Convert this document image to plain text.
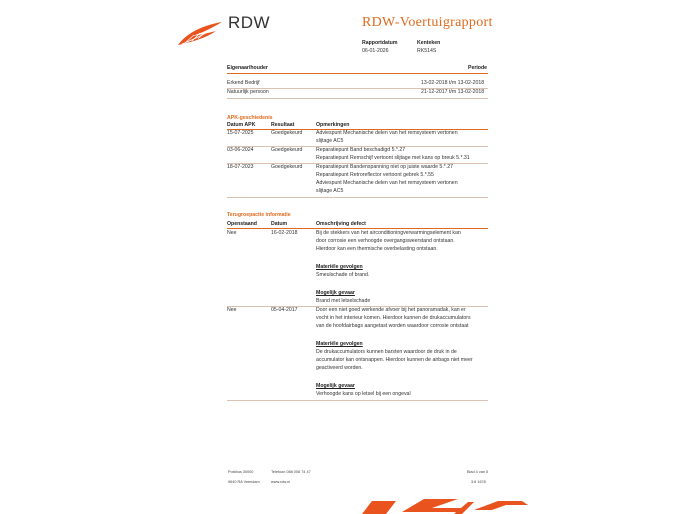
RDW	RDW-Voertuigrapport
Rapportdatum
06-01-2026
Kenteken
RK514S
Eigenaar/houder	Periode
Erkend Bedrijf	13-02-2018 t/m 13-02-2018
Natuurlijk persoon	21-12-2017 t/m 13-02-2018
APK-geschiedenis
Datum APK	Resultaat	Opmerkingen
15-07-2025	Goedgekeurd	Adviespunt Mechanische delen van het remsysteem vertonen
slijtage AC5
03-06-2024	Goedgekeurd	Reparatiepunt Band beschadigd 5.*.27
Reparatiepunt Remschijf vertoont slijtage met kans op breuk 5.*.31
18-07-2023	Goedgekeurd	Reparatiepunt Bandenspanning niet op juiste waarde 5.*.27
Reparatiepunt Retroreflector vertoont gebrek 5.*.55
Adviespunt Mechanische delen van het remsysteem vertonen
slijtage AC5
Terugroepactie informatie
Openstaand	Datum	Omschrijving defect
Nee	16-02-2018	Bij de stekkers van het airconditioningverwarmingselement kan
door corrosie een verhoogde overgangsweerstand ontstaan.
Hierdoor kan een thermische overbelasting ontstaan.
Materiële gevolgen
Smeulschade of brand.
Mogelijk gevaar
Brand met letselschade
Nee	05-04-2017	Door een niet goed werkende afvoer bij het panoramadak, kan er
vocht in het interieur komen. Hierdoor kunnen de drukaccumulators
van de hoofdairbags aangetast worden waardoor corrosie ontstaat
Materiële gevolgen
De drukaccumulators kunnen barsten waardoor de druk in de
accumulator kan ontsnappen. Hierdoor kunnen de airbags niet meer
geactiveerd worden.
Mogelijk gevaar
Verhoogde kans op letsel bij een ongeval
Postbus 30000	Telefoon 088 008 74 47
9640 RA Veendam	www.rdw.nl
Blad 4 van 5
3.6 1678
